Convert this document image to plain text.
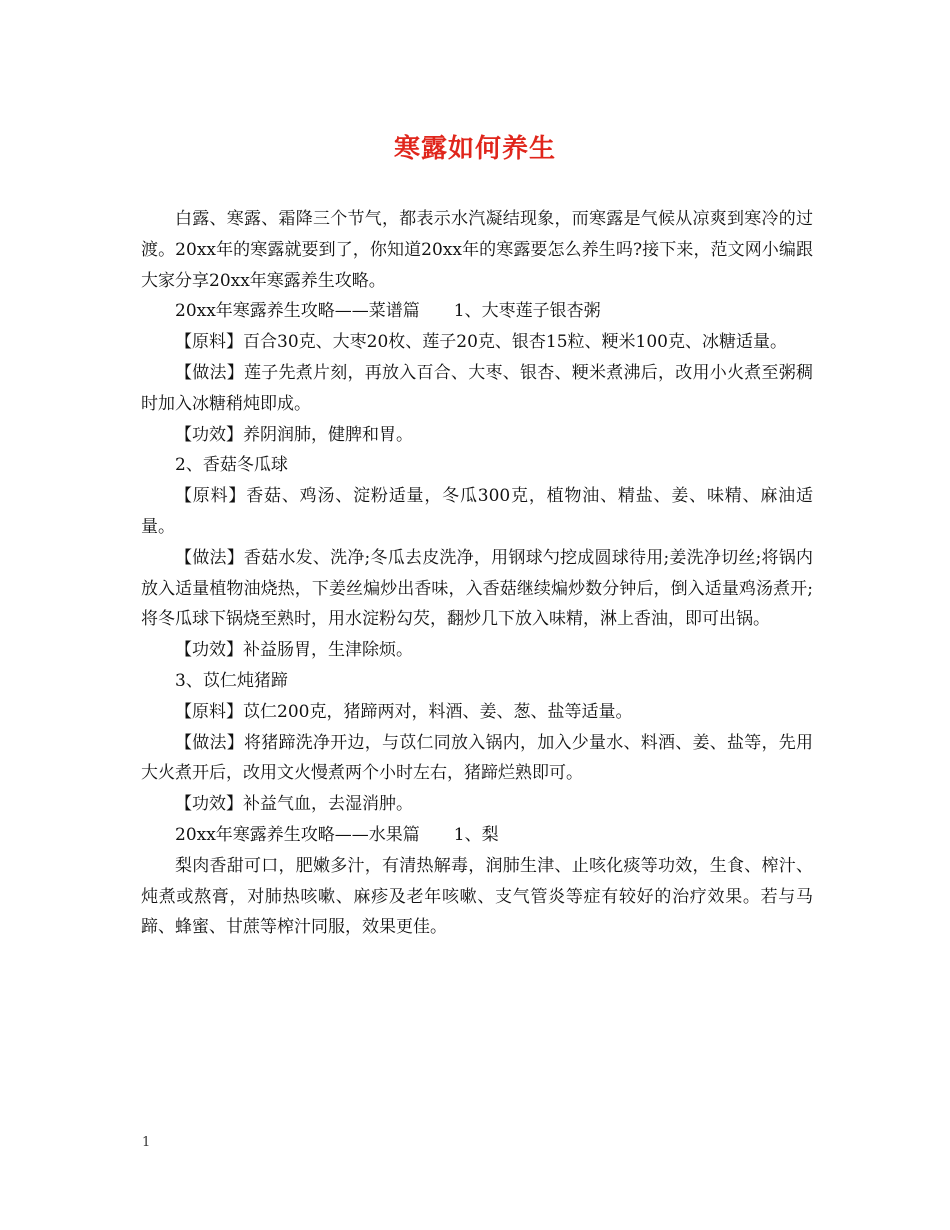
寒露如何养生

白露、寒露、霜降三个节气，都表示水汽凝结现象，而寒露是气候从凉爽到寒冷的过渡。20xx年的寒露就要到了，你知道20xx年的寒露要怎么养生吗?接下来，范文网小编跟大家分享20xx年寒露养生攻略。

20xx年寒露养生攻略——菜谱篇　　1、大枣莲子银杏粥

【原料】百合30克、大枣20枚、莲子20克、银杏15粒、粳米100克、冰糖适量。

【做法】莲子先煮片刻，再放入百合、大枣、银杏、粳米煮沸后，改用小火煮至粥稠时加入冰糖稍炖即成。

【功效】养阴润肺，健脾和胃。

2、香菇冬瓜球

【原料】香菇、鸡汤、淀粉适量，冬瓜300克，植物油、精盐、姜、味精、麻油适量。

【做法】香菇水发、洗净;冬瓜去皮洗净，用钢球勺挖成圆球待用;姜洗净切丝;将锅内放入适量植物油烧热，下姜丝煸炒出香味，入香菇继续煸炒数分钟后，倒入适量鸡汤煮开;将冬瓜球下锅烧至熟时，用水淀粉勾芡，翻炒几下放入味精，淋上香油，即可出锅。

【功效】补益肠胃，生津除烦。

3、苡仁炖猪蹄

【原料】苡仁200克，猪蹄两对，料酒、姜、葱、盐等适量。

【做法】将猪蹄洗净开边，与苡仁同放入锅内，加入少量水、料酒、姜、盐等，先用大火煮开后，改用文火慢煮两个小时左右，猪蹄烂熟即可。

【功效】补益气血，去湿消肿。

20xx年寒露养生攻略——水果篇　　1、梨

梨肉香甜可口，肥嫩多汁，有清热解毒，润肺生津、止咳化痰等功效，生食、榨汁、炖煮或熬膏，对肺热咳嗽、麻疹及老年咳嗽、支气管炎等症有较好的治疗效果。若与马蹄、蜂蜜、甘蔗等榨汁同服，效果更佳。

1
